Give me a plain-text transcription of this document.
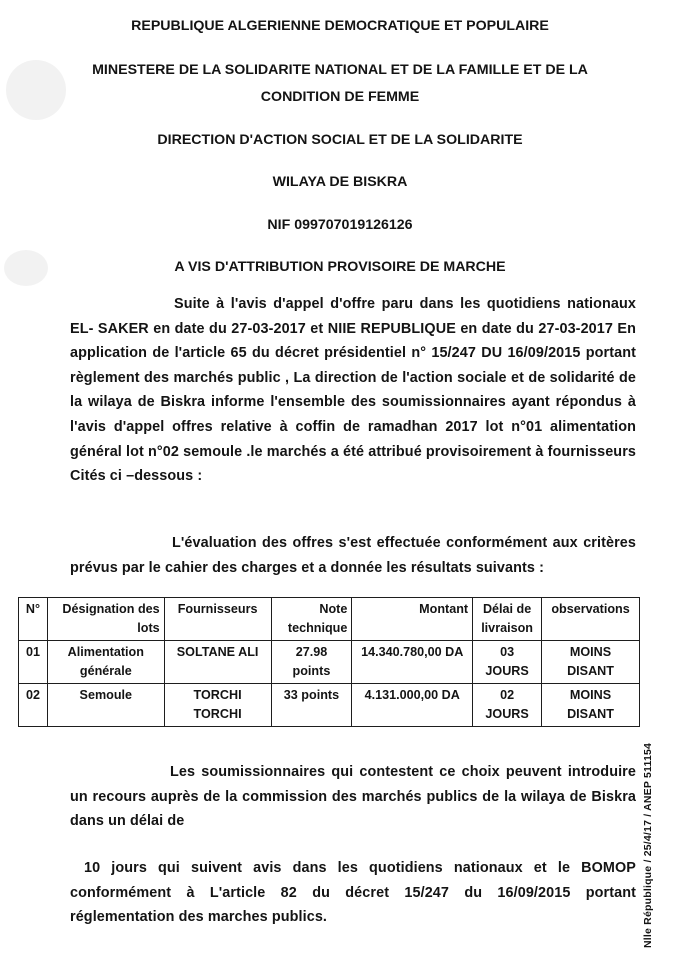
REPUBLIQUE ALGERIENNE DEMOCRATIQUE ET POPULAIRE
MINESTERE DE LA SOLIDARITE NATIONAL ET DE LA FAMILLE ET DE LA
CONDITION DE FEMME
DIRECTION D'ACTION SOCIAL ET DE LA SOLIDARITE
WILAYA DE BISKRA
NIF 099707019126126
A VIS D'ATTRIBUTION PROVISOIRE DE MARCHE

Suite à l'avis d'appel d'offre paru dans les quotidiens nationaux EL- SAKER en date du 27-03-2017 et NIIE REPUBLIQUE en date du 27-03-2017 En application de l'article 65 du décret présidentiel n° 15/247 DU 16/09/2015 portant règlement des marchés public , La direction de l'action sociale et de solidarité de la wilaya de Biskra informe l'ensemble des soumissionnaires ayant répondus à l'avis d'appel offres relative à coffin de ramadhan 2017 lot n°01 alimentation général lot n°02 semoule .le marchés a été attribué provisoirement à fournisseurs Cités ci –dessous :

L'évaluation des offres s'est effectuée conformément aux critères prévus par le cahier des charges et a donnée les résultats suivants :

N°	Désignation des lots	Fournisseurs	Note technique	Montant	Délai de livraison	observations
01	Alimentation générale	SOLTANE ALI	27.98 points	14.340.780,00 DA	03 JOURS	MOINS DISANT
02	Semoule	TORCHI TORCHI	33 points	4.131.000,00 DA	02 JOURS	MOINS DISANT

Les soumissionnaires qui contestent ce choix peuvent introduire un recours auprès de la commission des marchés publics de la wilaya de Biskra dans un délai de

10 jours qui suivent avis dans les quotidiens nationaux et le BOMOP conformément à L'article 82 du décret 15/247 du 16/09/2015 portant réglementation des marches publics.	Nlle République / 25/4/17 / ANEP 511154
